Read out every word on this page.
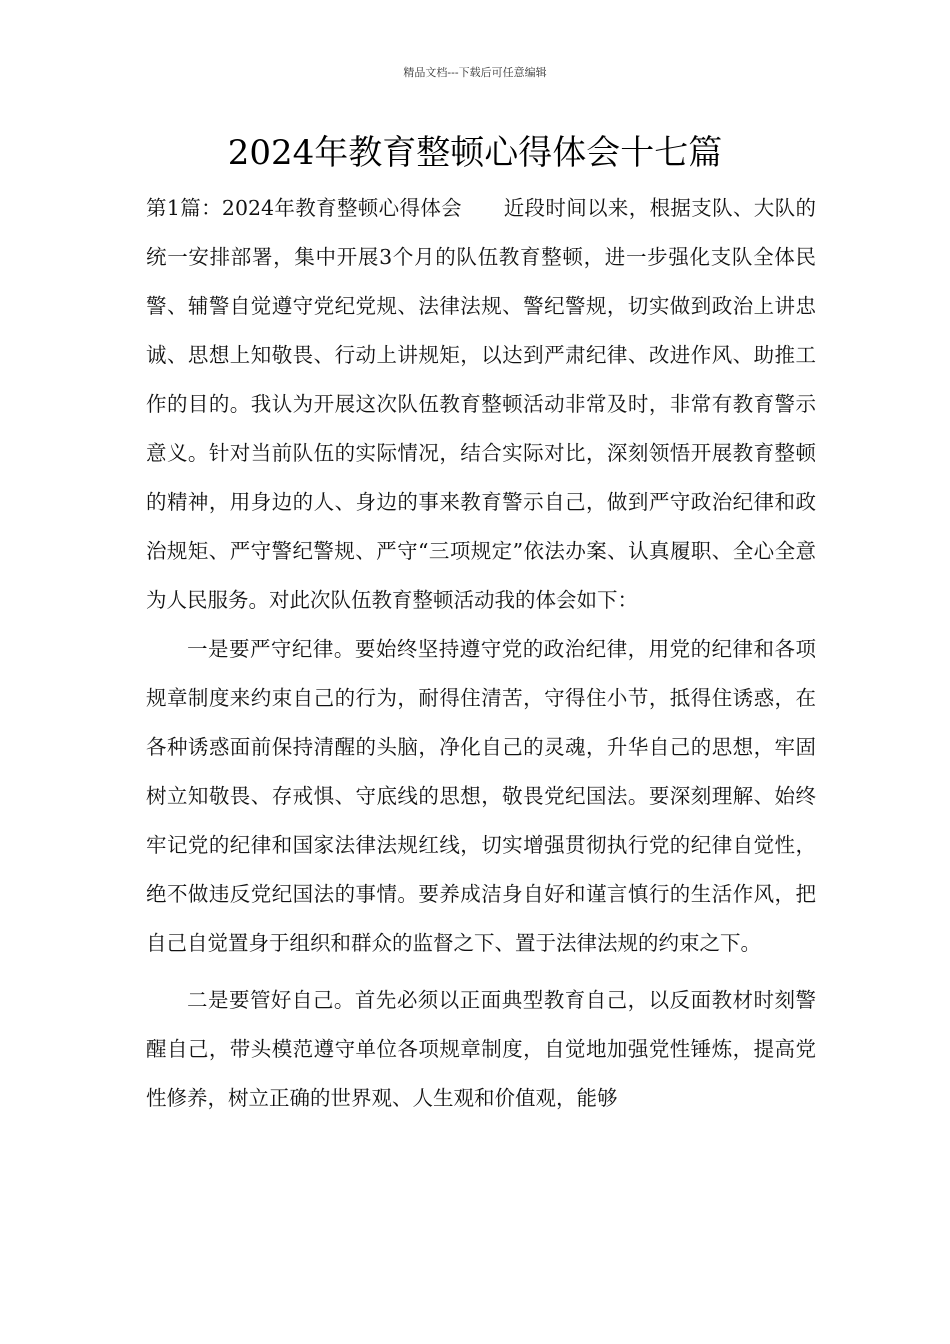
精品文档---下载后可任意编辑
2024年教育整顿心得体会十七篇

第1篇：2024年教育整顿心得体会　　近段时间以来，根据支队、大队的统一安排部署，集中开展3个月的队伍教育整顿，进一步强化支队全体民警、辅警自觉遵守党纪党规、法律法规、警纪警规，切实做到政治上讲忠诚、思想上知敬畏、行动上讲规矩，以达到严肃纪律、改进作风、助推工作的目的。我认为开展这次队伍教育整顿活动非常及时，非常有教育警示意义。针对当前队伍的实际情况，结合实际对比，深刻领悟开展教育整顿的精神，用身边的人、身边的事来教育警示自己，做到严守政治纪律和政治规矩、严守警纪警规、严守“三项规定”依法办案、认真履职、全心全意为人民服务。对此次队伍教育整顿活动我的体会如下：

一是要严守纪律。要始终坚持遵守党的政治纪律，用党的纪律和各项规章制度来约束自己的行为，耐得住清苦，守得住小节，抵得住诱惑，在各种诱惑面前保持清醒的头脑，净化自己的灵魂，升华自己的思想，牢固树立知敬畏、存戒惧、守底线的思想，敬畏党纪国法。要深刻理解、始终牢记党的纪律和国家法律法规红线，切实增强贯彻执行党的纪律自觉性，绝不做违反党纪国法的事情。要养成洁身自好和谨言慎行的生活作风，把自己自觉置身于组织和群众的监督之下、置于法律法规的约束之下。

二是要管好自己。首先必须以正面典型教育自己，以反面教材时刻警醒自己，带头模范遵守单位各项规章制度，自觉地加强党性锤炼，提高党性修养，树立正确的世界观、人生观和价值观，能够
